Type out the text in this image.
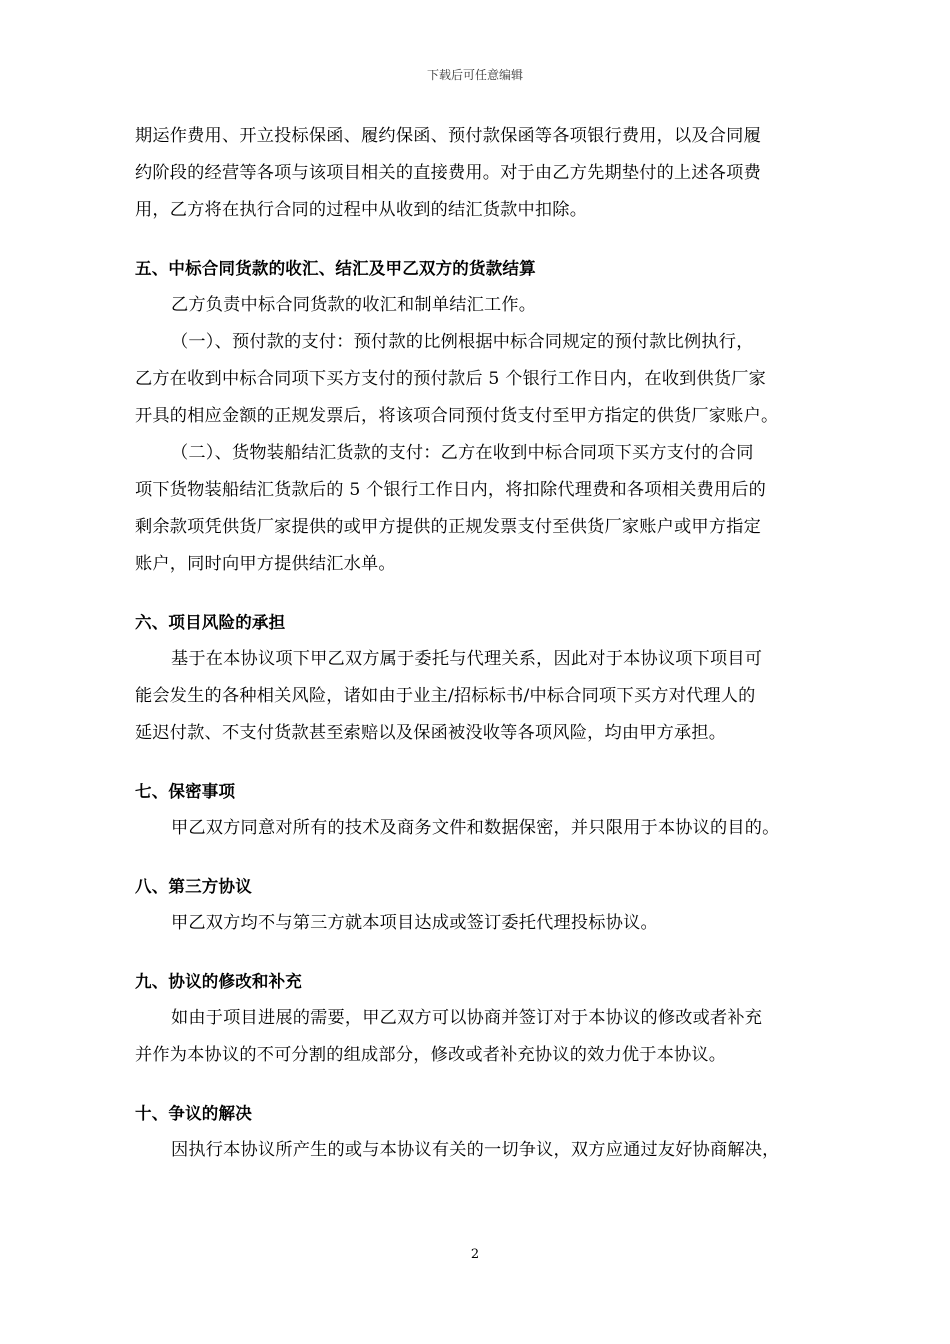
下载后可任意编辑
期运作费用、开立投标保函、履约保函、预付款保函等各项银行费用，以及合同履
约阶段的经营等各项与该项目相关的直接费用。对于由乙方先期垫付的上述各项费
用，乙方将在执行合同的过程中从收到的结汇货款中扣除。
五、中标合同货款的收汇、结汇及甲乙双方的货款结算
乙方负责中标合同货款的收汇和制单结汇工作。
（一）、预付款的支付：预付款的比例根据中标合同规定的预付款比例执行，
乙方在收到中标合同项下买方支付的预付款后 5 个银行工作日内，在收到供货厂家
开具的相应金额的正规发票后，将该项合同预付货支付至甲方指定的供货厂家账户。
（二）、货物装船结汇货款的支付：乙方在收到中标合同项下买方支付的合同
项下货物装船结汇货款后的 5 个银行工作日内，将扣除代理费和各项相关费用后的
剩余款项凭供货厂家提供的或甲方提供的正规发票支付至供货厂家账户或甲方指定
账户，同时向甲方提供结汇水单。
六、项目风险的承担
基于在本协议项下甲乙双方属于委托与代理关系，因此对于本协议项下项目可
能会发生的各种相关风险，诸如由于业主/招标标书/中标合同项下买方对代理人的
延迟付款、不支付货款甚至索赔以及保函被没收等各项风险，均由甲方承担。
七、保密事项
甲乙双方同意对所有的技术及商务文件和数据保密，并只限用于本协议的目的。
八、第三方协议
甲乙双方均不与第三方就本项目达成或签订委托代理投标协议。
九、协议的修改和补充
如由于项目进展的需要，甲乙双方可以协商并签订对于本协议的修改或者补充
并作为本协议的不可分割的组成部分，修改或者补充协议的效力优于本协议。
十、争议的解决
因执行本协议所产生的或与本协议有关的一切争议，双方应通过友好协商解决，
2
